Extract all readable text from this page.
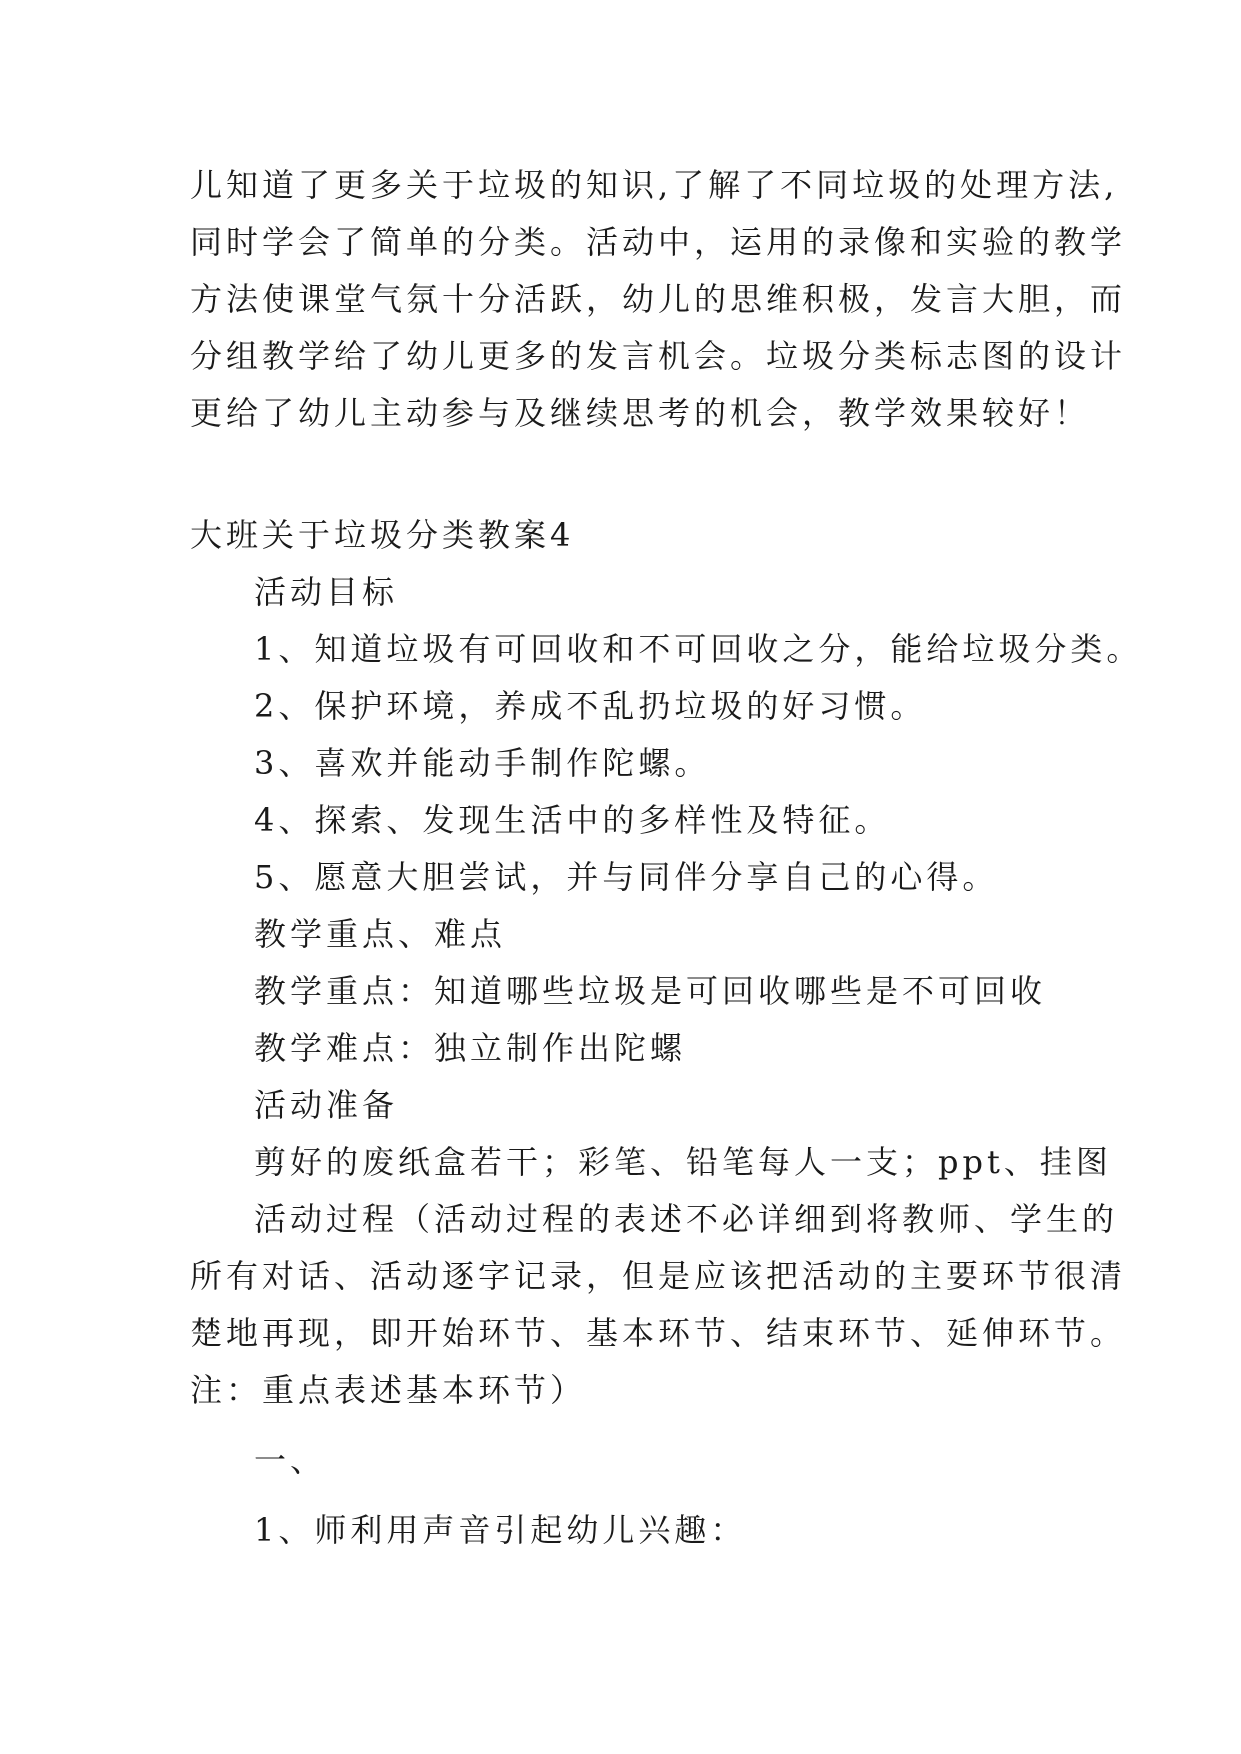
儿知道了更多关于垃圾的知识,了解了不同垃圾的处理方法,
同时学会了简单的分类。活动中，运用的录像和实验的教学
方法使课堂气氛十分活跃，幼儿的思维积极，发言大胆，而
分组教学给了幼儿更多的发言机会。垃圾分类标志图的设计
更给了幼儿主动参与及继续思考的机会，教学效果较好！
大班关于垃圾分类教案4
活动目标
1、知道垃圾有可回收和不可回收之分，能给垃圾分类。
2、保护环境，养成不乱扔垃圾的好习惯。
3、喜欢并能动手制作陀螺。
4、探索、发现生活中的多样性及特征。
5、愿意大胆尝试，并与同伴分享自己的心得。
教学重点、难点
教学重点：知道哪些垃圾是可回收哪些是不可回收
教学难点：独立制作出陀螺
活动准备
剪好的废纸盒若干；彩笔、铅笔每人一支；ppt、挂图
活动过程（活动过程的表述不必详细到将教师、学生的
所有对话、活动逐字记录，但是应该把活动的主要环节很清
楚地再现，即开始环节、基本环节、结束环节、延伸环节。
注：重点表述基本环节）
一、
1、师利用声音引起幼儿兴趣：
